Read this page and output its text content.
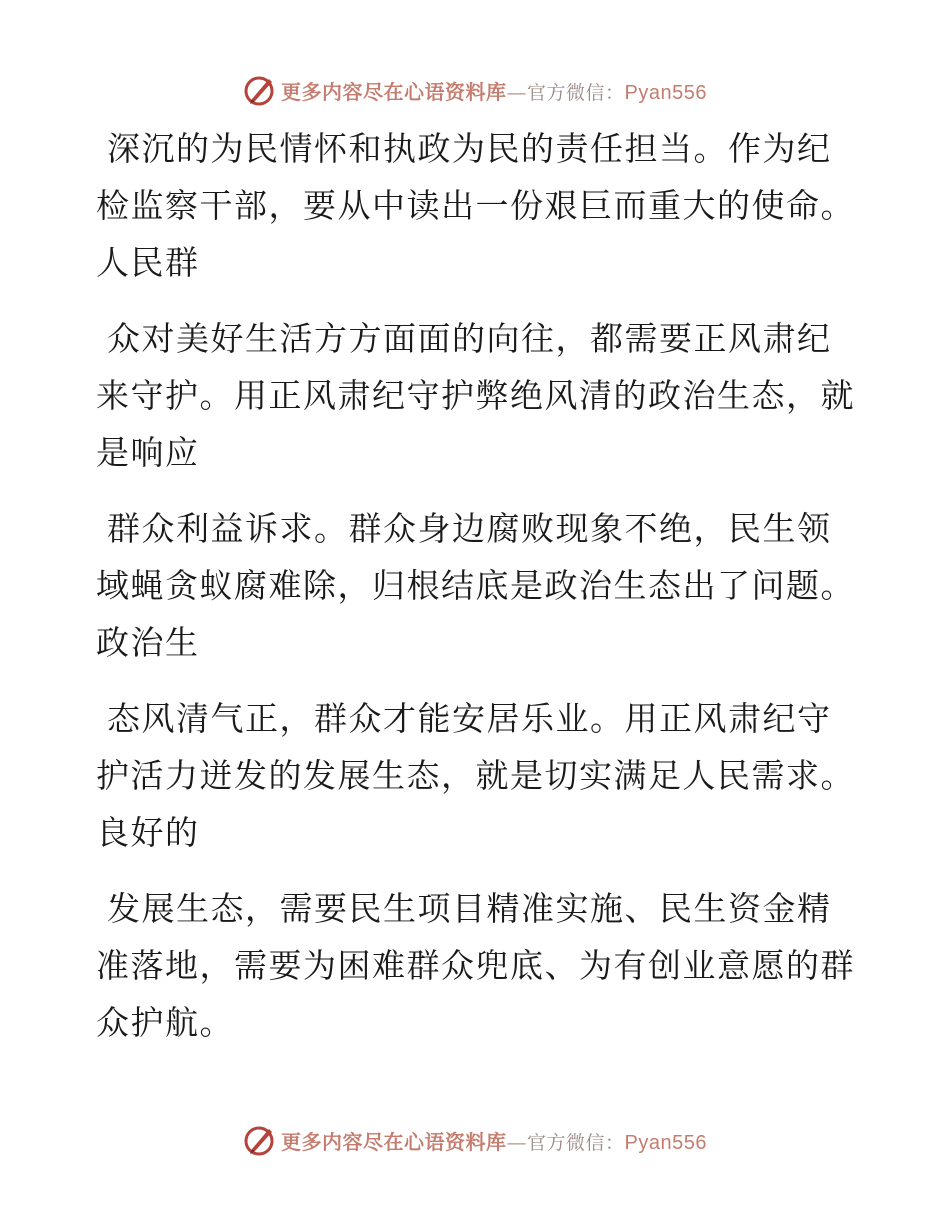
更多内容尽在心语资料库—官方微信：Pyan556
深沉的为民情怀和执政为民的责任担当。作为纪
检监察干部，要从中读出一份艰巨而重大的使命。
人民群
众对美好生活方方面面的向往，都需要正风肃纪
来守护。用正风肃纪守护弊绝风清的政治生态，就
是响应
群众利益诉求。群众身边腐败现象不绝，民生领
域蝇贪蚁腐难除，归根结底是政治生态出了问题。
政治生
态风清气正，群众才能安居乐业。用正风肃纪守
护活力迸发的发展生态，就是切实满足人民需求。
良好的
发展生态，需要民生项目精准实施、民生资金精
准落地，需要为困难群众兜底、为有创业意愿的群
众护航。
更多内容尽在心语资料库—官方微信：Pyan556
